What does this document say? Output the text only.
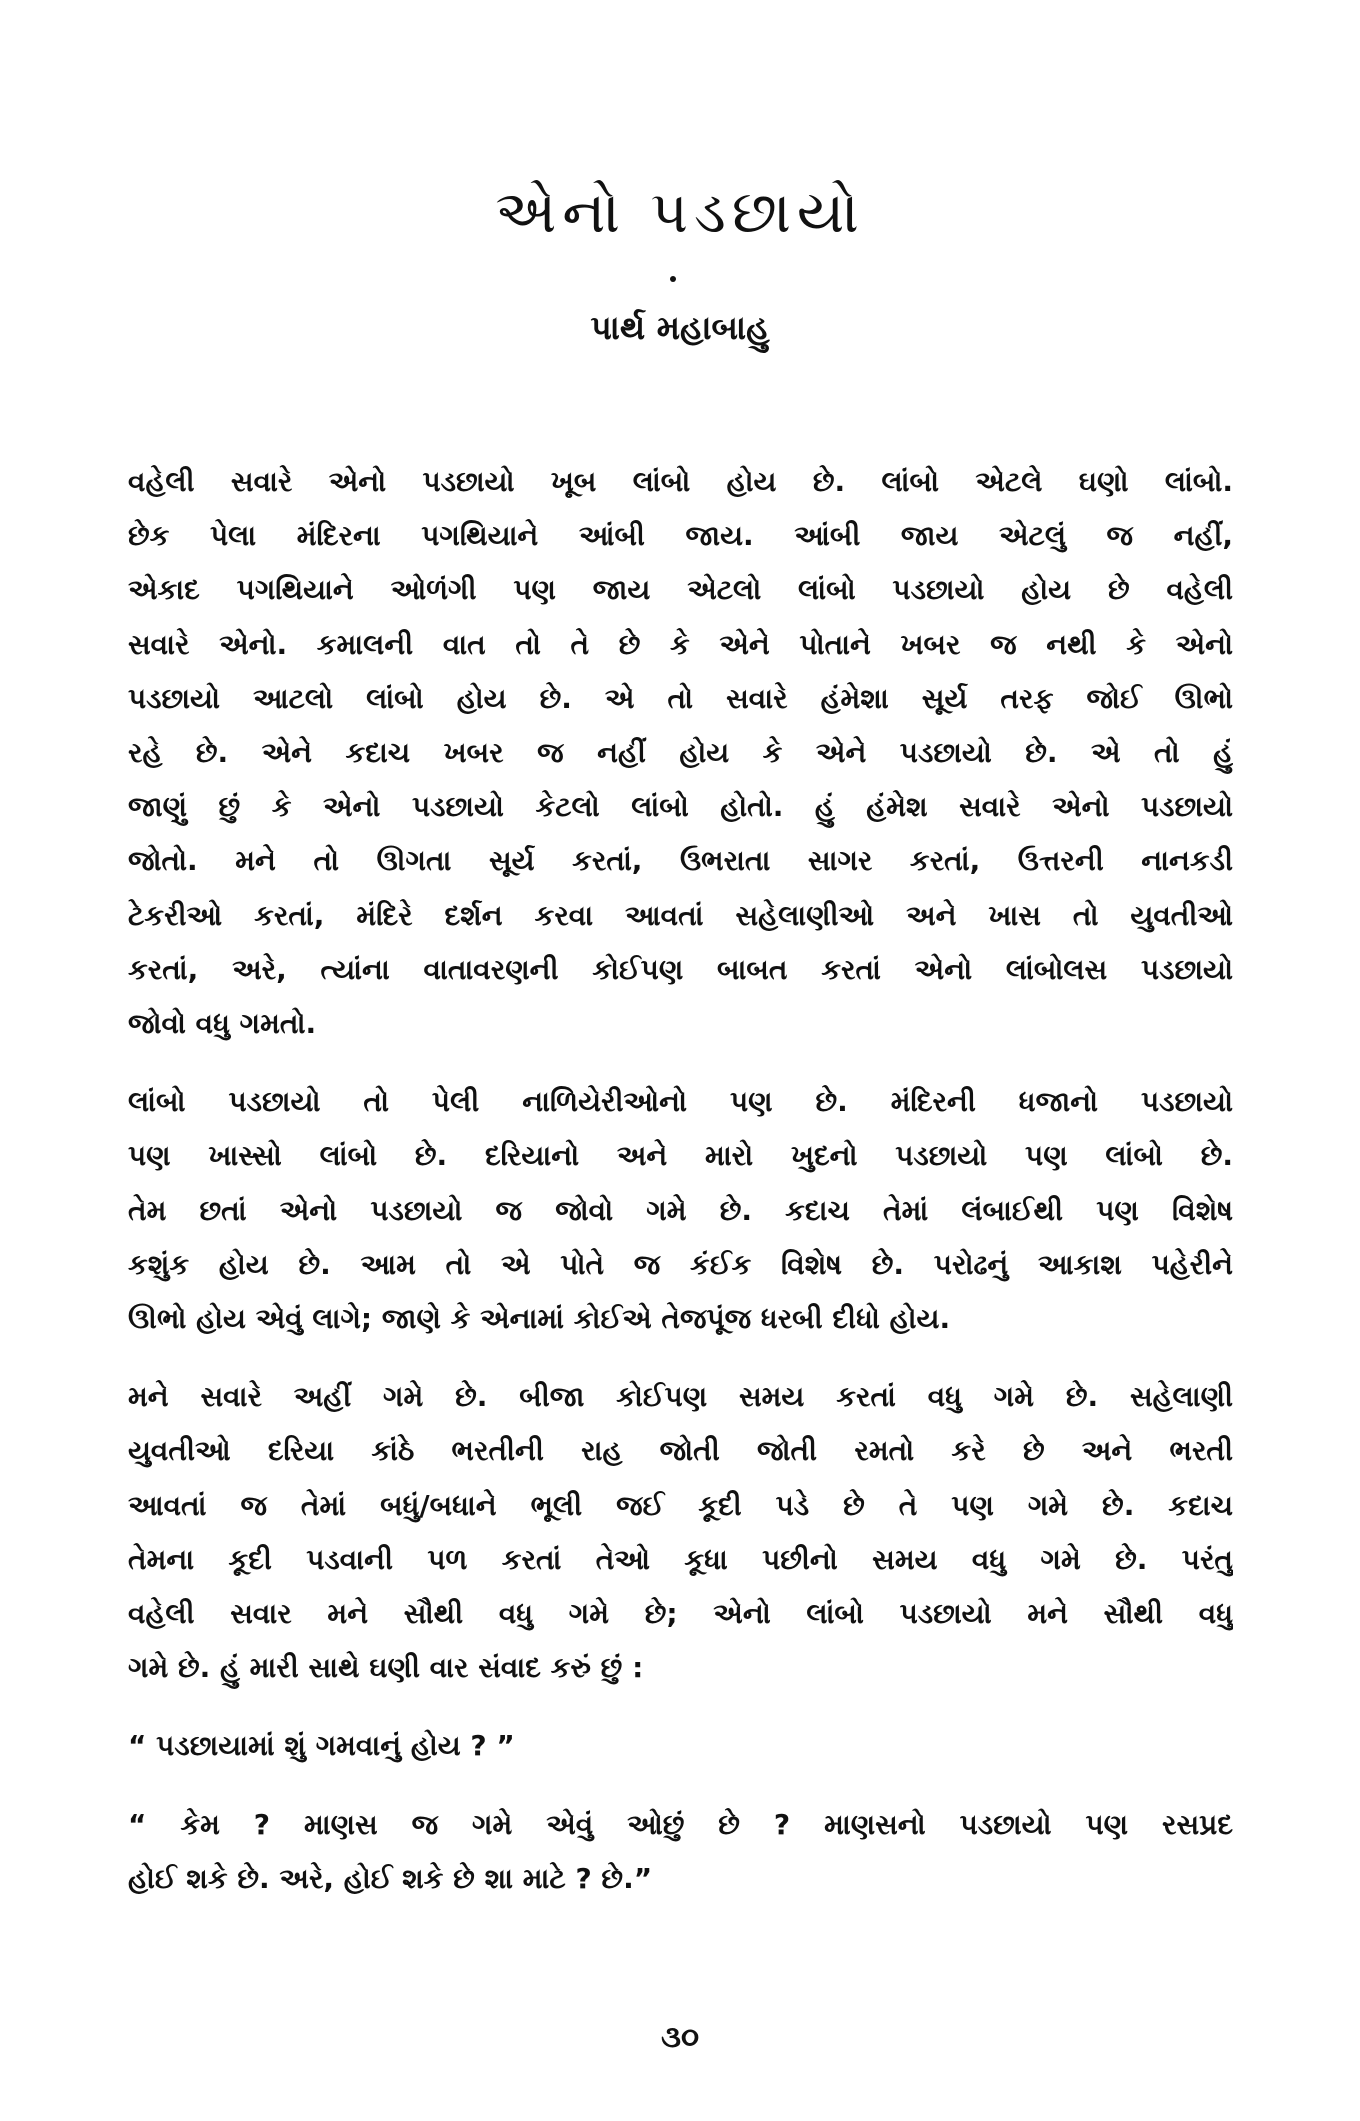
એનો પડછાયો
પાર્થ મહાબાહુ
વહેલી સવારે એનો પડછાયો ખૂબ લાંબો હોય છે. લાંબો એટલે ઘણો લાંબો.
છેક પેલા મંદિરના પગથિયાને આંબી જાય. આંબી જાય એટલું જ નહીં,
એકાદ પગથિયાને ઓળંગી પણ જાય એટલો લાંબો પડછાયો હોય છે વહેલી
સવારે એનો. કમાલની વાત તો તે છે કે એને પોતાને ખબર જ નથી કે એનો
પડછાયો આટલો લાંબો હોય છે. એ તો સવારે હંમેશા સૂર્ય તરફ જોઈ ઊભો
રહે છે. એને કદાચ ખબર જ નહીં હોય કે એને પડછાયો છે. એ તો હું
જાણું છું કે એનો પડછાયો કેટલો લાંબો હોતો. હું હંમેશ સવારે એનો પડછાયો
જોતો. મને તો ઊગતા સૂર્ય કરતાં, ઉભરાતા સાગર કરતાં, ઉત્તરની નાનકડી
ટેકરીઓ કરતાં, મંદિરે દર્શન કરવા આવતાં સહેલાણીઓ અને ખાસ તો યુવતીઓ
કરતાં, અરે, ત્યાંના વાતાવરણની કોઈપણ બાબત કરતાં એનો લાંબોલસ પડછાયો
જોવો વધુ ગમતો.
લાંબો પડછાયો તો પેલી નાળિયેરીઓનો પણ છે. મંદિરની ધજાનો પડછાયો
પણ ખાસ્સો લાંબો છે. દરિયાનો અને મારો ખુદનો પડછાયો પણ લાંબો છે.
તેમ છતાં એનો પડછાયો જ જોવો ગમે છે. કદાચ તેમાં લંબાઈથી પણ વિશેષ
કશુંક હોય છે. આમ તો એ પોતે જ કંઈક વિશેષ છે. પરોઢનું આકાશ પહેરીને
ઊભો હોય એવું લાગે; જાણે કે એનામાં કોઈએ તેજપૂંજ ધરબી દીધો હોય.
મને સવારે અહીં ગમે છે. બીજા કોઈપણ સમય કરતાં વધુ ગમે છે. સહેલાણી
યુવતીઓ દરિયા કાંઠે ભરતીની રાહ જોતી જોતી રમતો કરે છે અને ભરતી
આવતાં જ તેમાં બધું/બધાને ભૂલી જઈ કૂદી પડે છે તે પણ ગમે છે. કદાચ
તેમના કૂદી પડવાની પળ કરતાં તેઓ કૂધા પછીનો સમય વધુ ગમે છે. પરંતુ
વહેલી સવાર મને સૌથી વધુ ગમે છે; એનો લાંબો પડછાયો મને સૌથી વધુ
ગમે છે. હું મારી સાથે ઘણી વાર સંવાદ કરું છું :
“ પડછાયામાં શું ગમવાનું હોય ? ”
“ કેમ ? માણસ જ ગમે એવું ઓછું છે ? માણસનો પડછાયો પણ રસપ્રદ
હોઈ શકે છે. અરે, હોઈ શકે છે શા માટે ? છે.”
૩૦
